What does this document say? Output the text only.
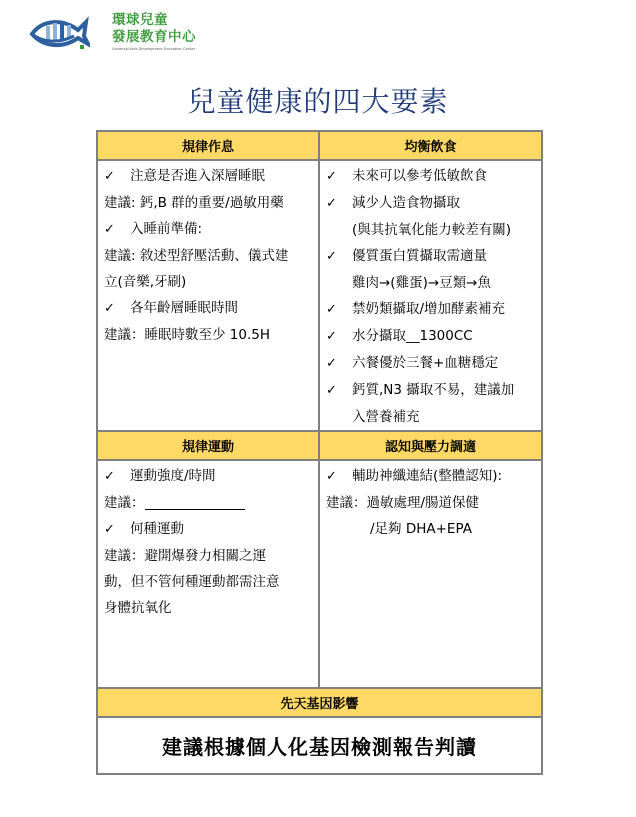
環球兒童
發展教育中心
Universal Kids Development Education Center
兒童健康的四大要素
規律作息	均衡飲食

✓ 注意是否進入深層睡眠
建議: 鈣,B 群的重要/過敏用藥
✓ 入睡前準備:
建議: 敘述型舒壓活動、儀式建
立(音樂,牙刷)
✓ 各年齡層睡眠時間
建議：睡眠時數至少 10.5H

✓ 未來可以參考低敏飲食
✓ 減少人造食物攝取
(與其抗氧化能力較差有關)
✓ 優質蛋白質攝取需適量
雞肉→(雞蛋)→豆類→魚
✓ 禁奶類攝取/增加酵素補充
✓ 水分攝取__1300CC
✓ 六餐優於三餐+血糖穩定
✓ 鈣質,N3 攝取不易，建議加
入營養補充

規律運動	認知與壓力調適

✓ 運動強度/時間
建議：
✓ 何種運動
建議：避開爆發力相關之運
動，但不管何種運動都需注意
身體抗氧化

✓ 輔助神纖連結(整體認知):
建議：過敏處理/腸道保健
/足夠 DHA+EPA

先天基因影響	
建議根據個人化基因檢測報告判讀	
